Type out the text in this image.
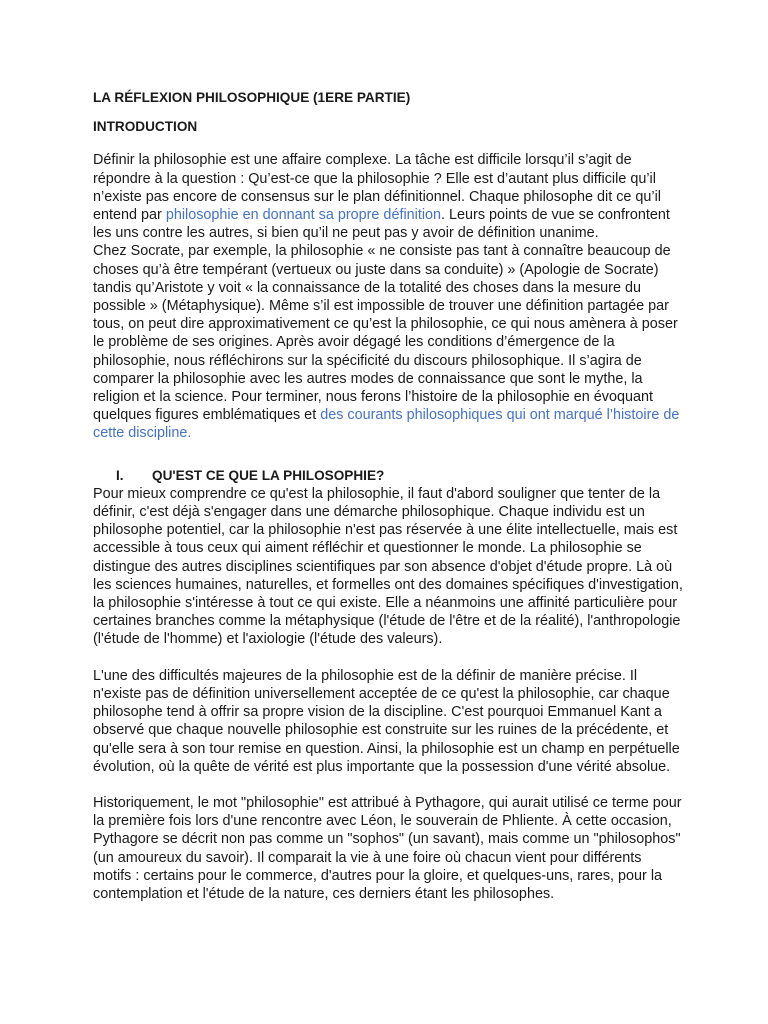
LA RÉFLEXION PHILOSOPHIQUE (1ERE PARTIE)
INTRODUCTION

Définir la philosophie est une affaire complexe. La tâche est difficile lorsqu’il s’agit de répondre à la question : Qu’est-ce que la philosophie ? Elle est d’autant plus difficile qu’il n’existe pas encore de consensus sur le plan définitionnel. Chaque philosophe dit ce qu’il entend par philosophie en donnant sa propre définition. Leurs points de vue se confrontent les uns contre les autres, si bien qu’il ne peut pas y avoir de définition unanime.

Chez Socrate, par exemple, la philosophie « ne consiste pas tant à connaître beaucoup de choses qu’à être tempérant (vertueux ou juste dans sa conduite) » (Apologie de Socrate) tandis qu’Aristote y voit « la connaissance de la totalité des choses dans la mesure du possible » (Métaphysique). Même s’il est impossible de trouver une définition partagée par tous, on peut dire approximativement ce qu’est la philosophie, ce qui nous amènera à poser le problème de ses origines. Après avoir dégagé les conditions d’émergence de la philosophie, nous réfléchirons sur la spécificité du discours philosophique. Il s’agira de comparer la philosophie avec les autres modes de connaissance que sont le mythe, la religion et la science. Pour terminer, nous ferons l’histoire de la philosophie en évoquant quelques figures emblématiques et des courants philosophiques qui ont marqué l’histoire de cette discipline.

I.	QU'EST CE QUE LA PHILOSOPHIE?

Pour mieux comprendre ce qu'est la philosophie, il faut d'abord souligner que tenter de la définir, c'est déjà s'engager dans une démarche philosophique. Chaque individu est un philosophe potentiel, car la philosophie n'est pas réservée à une élite intellectuelle, mais est accessible à tous ceux qui aiment réfléchir et questionner le monde. La philosophie se distingue des autres disciplines scientifiques par son absence d'objet d'étude propre. Là où les sciences humaines, naturelles, et formelles ont des domaines spécifiques d'investigation, la philosophie s'intéresse à tout ce qui existe. Elle a néanmoins une affinité particulière pour certaines branches comme la métaphysique (l'étude de l'être et de la réalité), l'anthropologie (l'étude de l'homme) et l'axiologie (l'étude des valeurs).

L'une des difficultés majeures de la philosophie est de la définir de manière précise. Il n'existe pas de définition universellement acceptée de ce qu'est la philosophie, car chaque philosophe tend à offrir sa propre vision de la discipline. C'est pourquoi Emmanuel Kant a observé que chaque nouvelle philosophie est construite sur les ruines de la précédente, et qu'elle sera à son tour remise en question. Ainsi, la philosophie est un champ en perpétuelle évolution, où la quête de vérité est plus importante que la possession d'une vérité absolue.

Historiquement, le mot "philosophie" est attribué à Pythagore, qui aurait utilisé ce terme pour la première fois lors d'une rencontre avec Léon, le souverain de Phliente. À cette occasion, Pythagore se décrit non pas comme un "sophos" (un savant), mais comme un "philosophos" (un amoureux du savoir). Il comparait la vie à une foire où chacun vient pour différents motifs : certains pour le commerce, d'autres pour la gloire, et quelques-uns, rares, pour la contemplation et l'étude de la nature, ces derniers étant les philosophes.
